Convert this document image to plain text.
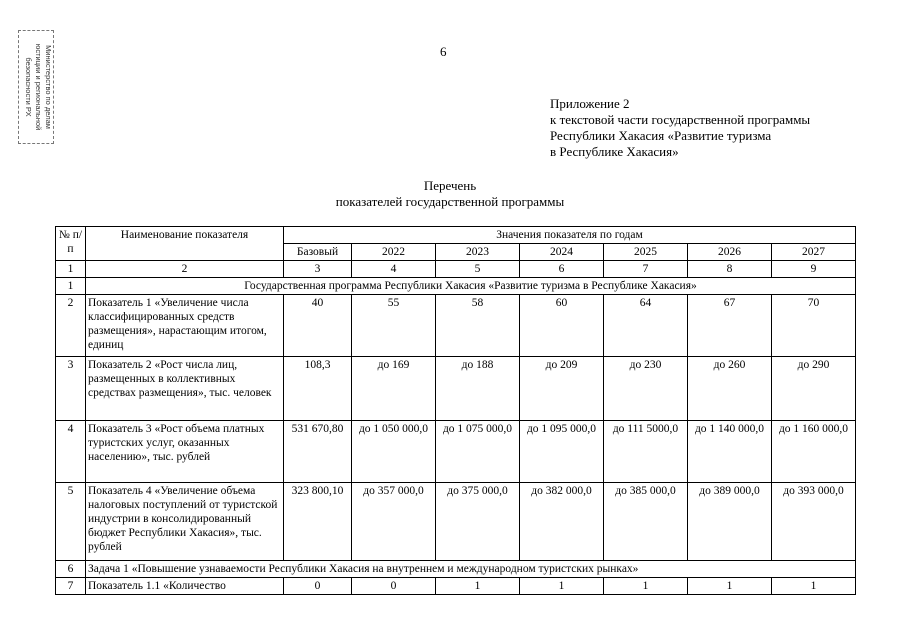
Министерство по делам
юстиции и региональной
безопасности РХ
6
Приложение 2
к текстовой части государственной программы
Республики Хакасия «Развитие туризма
в Республике Хакасия»
Перечень
показателей государственной программы
№ п/п	Наименование показателя	Значения показателя по годам						
		Базовый	2022	2023	2024	2025	2026	2027
1	2	3	4	5	6	7	8	9
1	Государственная программа Республики Хакасия «Развитие туризма в Республике Хакасия»							
2	Показатель 1 «Увеличение числа классифицированных средств размещения», нарастающим итогом, единиц	40	55	58	60	64	67	70
3	Показатель 2 «Рост числа лиц, размещенных в коллективных средствах размещения», тыс. человек	108,3	до 169	до 188	до 209	до 230	до 260	до 290
4	Показатель 3 «Рост объема платных туристских услуг, оказанных населению», тыс. рублей	531 670,80	до 1 050 000,0	до 1 075 000,0	до 1 095 000,0	до 111 5000,0	до 1 140 000,0	до 1 160 000,0
5	Показатель 4 «Увеличение объема налоговых поступлений от туристской индустрии в консолидированный бюджет Республики Хакасия», тыс. рублей	323 800,10	до 357 000,0	до 375 000,0	до 382 000,0	до 385 000,0	до 389 000,0	до 393 000,0
6	Задача 1 «Повышение узнаваемости Республики Хакасия на внутреннем и международном туристских рынках»							
7	Показатель 1.1 «Количество	0	0	1	1	1	1	1
